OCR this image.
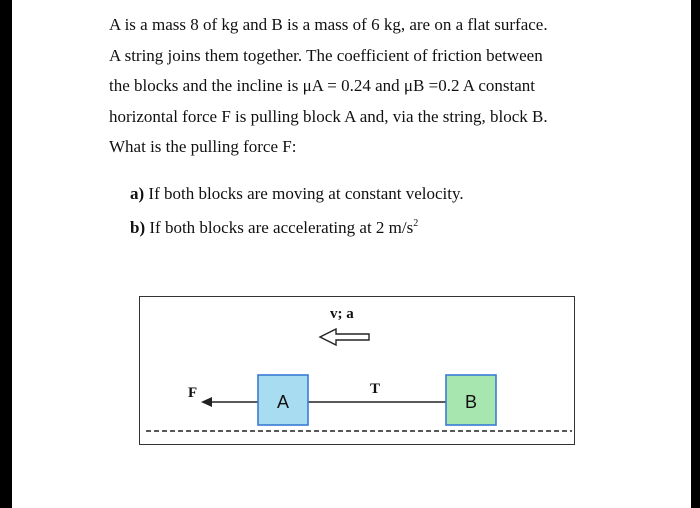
A is a mass 8 of kg and B is a mass of 6 kg, are on a flat surface.
A string joins them together. The coefficient of friction between
the blocks and the incline is μA = 0.24 and μB =0.2 A constant
horizontal force F is pulling block A and, via the string, block B.
What is the pulling force F:
a) If both blocks are moving at constant velocity.
b) If both blocks are accelerating at 2 $m/s^2$
v; a
F	T
A	B
